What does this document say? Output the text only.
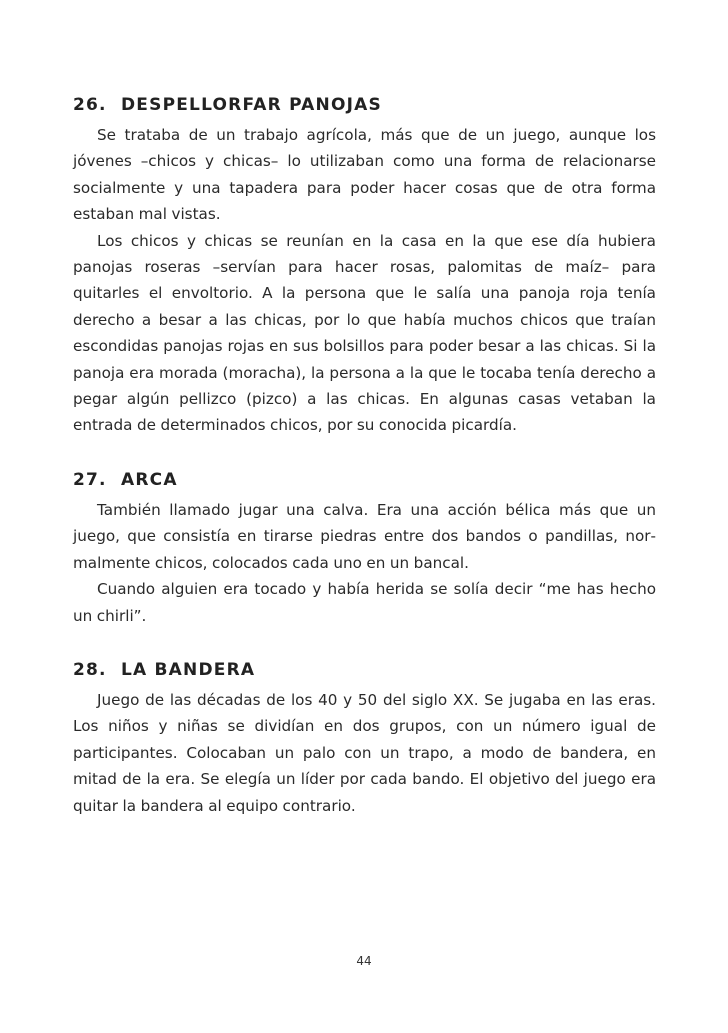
26. DESPELLORFAR PANOJAS

Se trataba de un trabajo agrícola, más que de un juego, aunque los jóvenes –chicos y chicas– lo utilizaban como una forma de relacionarse socialmente y una tapadera para poder hacer cosas que de otra forma estaban mal vistas.

Los chicos y chicas se reunían en la casa en la que ese día hubiera panojas roseras –servían para hacer rosas, palomitas de maíz– para quitarles el envoltorio. A la persona que le salía una panoja roja tenía derecho a besar a las chicas, por lo que había muchos chicos que traían escondidas panojas rojas en sus bolsillos para poder besar a las chicas. Si la panoja era morada (moracha), la persona a la que le tocaba tenía derecho a pegar algún pellizco (pizco) a las chicas. En algunas casas vetaban la entrada de determinados chicos, por su conocida picardía.

27. ARCA

También llamado jugar una calva. Era una acción bélica más que un juego, que consistía en tirarse piedras entre dos bandos o pandillas, normalmente chicos, colocados cada uno en un bancal.

Cuando alguien era tocado y había herida se solía decir “me has hecho un chirli”.

28. LA BANDERA

Juego de las décadas de los 40 y 50 del siglo XX. Se jugaba en las eras. Los niños y niñas se dividían en dos grupos, con un número igual de participantes. Colocaban un palo con un trapo, a modo de bandera, en mitad de la era. Se elegía un líder por cada bando. El objetivo del juego era quitar la bandera al equipo contrario.

44
